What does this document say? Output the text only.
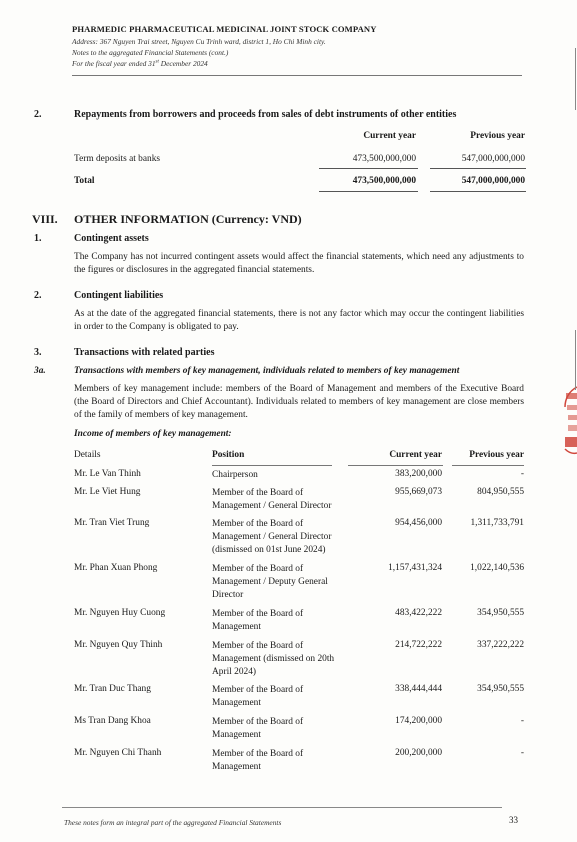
PHARMEDIC PHARMACEUTICAL MEDICINAL JOINT STOCK COMPANY
Address: 367 Nguyen Trai street, Nguyen Cu Trinh ward, district 1, Ho Chi Minh city.
Notes to the aggregated Financial Statements (cont.)
For the fiscal year ended 31st December 2024
2.	Repayments from borrowers and proceeds from sales of debt instruments of other entities
Current year	Previous year
Term deposits at banks	473,500,000,000	547,000,000,000
Total	473,500,000,000	547,000,000,000
VIII. OTHER INFORMATION (Currency: VND)
1.	Contingent assets
The Company has not incurred contingent assets would affect the financial statements, which need any adjustments to the figures or disclosures in the aggregated financial statements.
2.	Contingent liabilities
As at the date of the aggregated financial statements, there is not any factor which may occur the contingent liabilities in order to the Company is obligated to pay.
3.	Transactions with related parties
3a.	Transactions with members of key management, individuals related to members of key management
Members of key management include: members of the Board of Management and members of the Executive Board (the Board of Directors and Chief Accountant). Individuals related to members of key management are close members of the family of members of key management.
Income of members of key management:
Details	Position	Current year	Previous year
Mr. Le Van Thinh	Chairperson	383,200,000	-
Mr. Le Viet Hung	Member of the Board of
Management / General Director
955,669,073	804,950,555
Mr. Tran Viet Trung	Member of the Board of
Management / General Director
(dismissed on 01st June 2024)
954,456,000	1,311,733,791
Mr. Phan Xuan Phong	Member of the Board of
Management / Deputy General
Director
1,157,431,324	1,022,140,536
Mr. Nguyen Huy Cuong	Member of the Board of
Management
483,422,222	354,950,555
Mr. Nguyen Quy Thinh	Member of the Board of
Management (dismissed on 20th
April 2024)
214,722,222	337,222,222
Mr. Tran Duc Thang	Member of the Board of
Management
338,444,444	354,950,555
Ms Tran Dang Khoa	Member of the Board of
Management
174,200,000	-
Mr. Nguyen Chi Thanh	Member of the Board of
Management
200,200,000	-
These notes form an integral part of the aggregated Financial Statements	33
